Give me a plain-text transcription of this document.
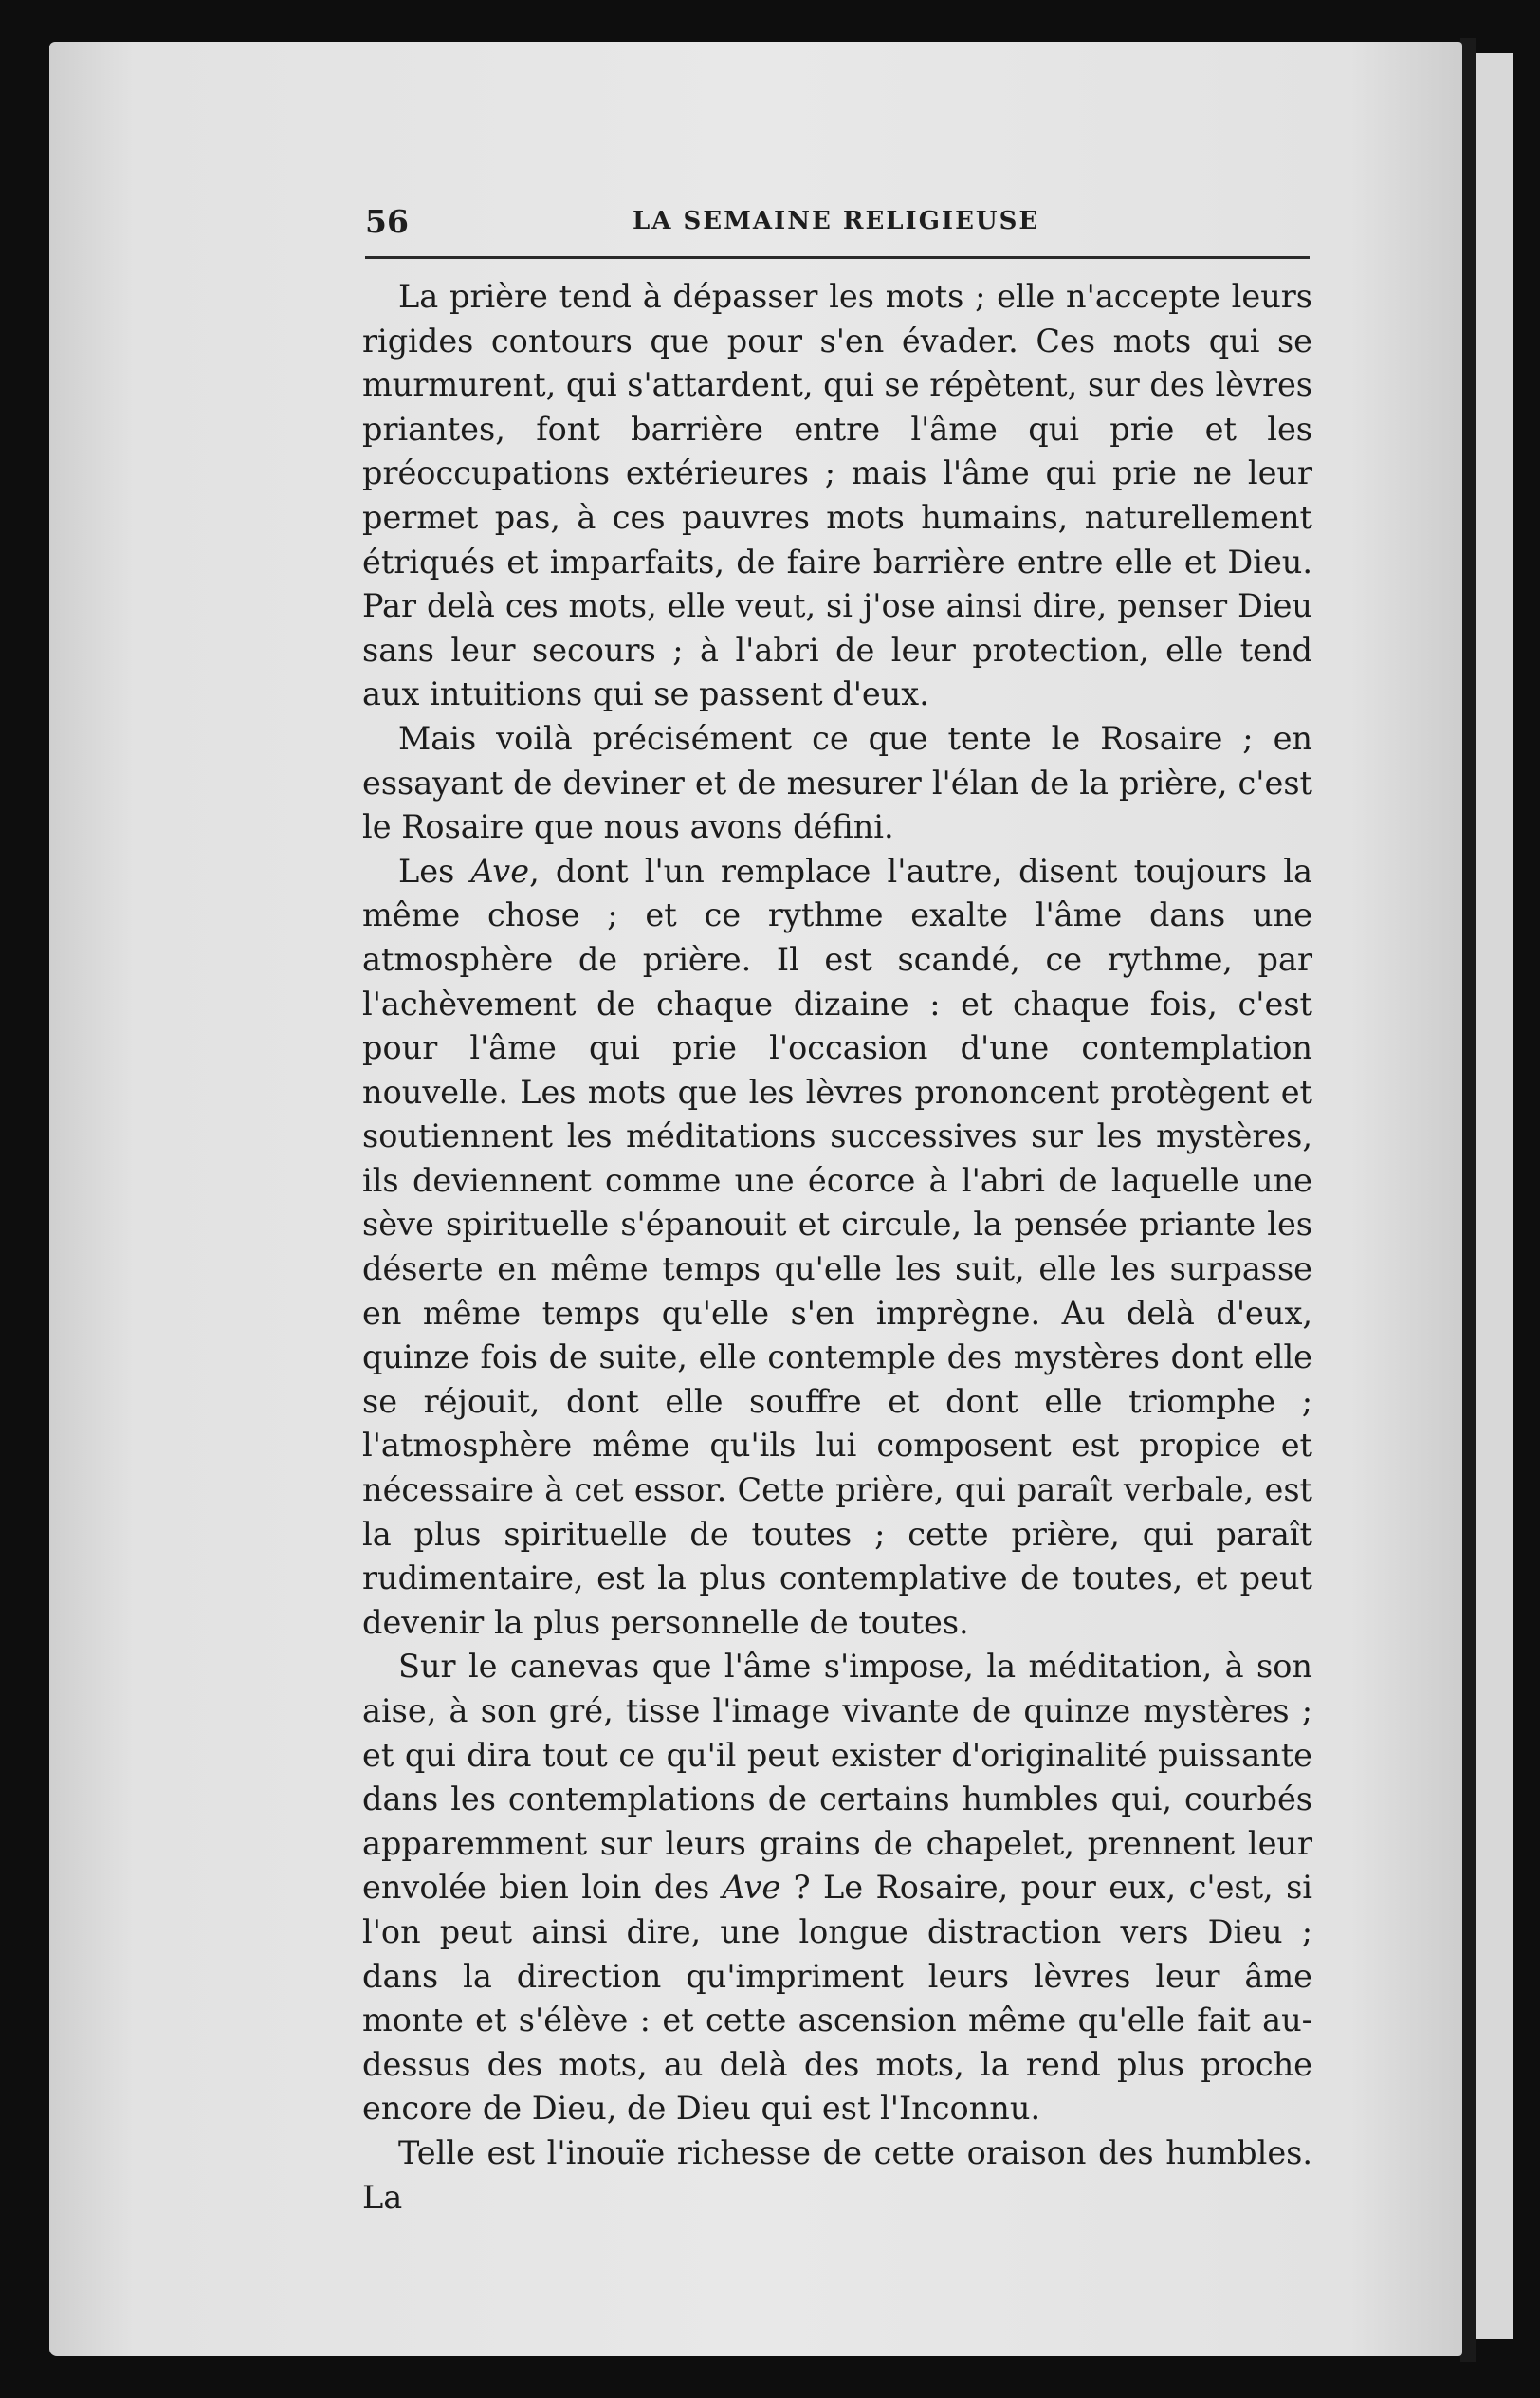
56	LA SEMAINE RELIGIEUSE

La prière tend à dépasser les mots ; elle n'accepte leurs rigides contours que pour s'en évader. Ces mots qui se murmurent, qui s'attardent, qui se répètent, sur des lèvres priantes, font barrière entre l'âme qui prie et les préoccupations extérieures ; mais l'âme qui prie ne leur permet pas, à ces pauvres mots humains, naturellement étriqués et imparfaits, de faire barrière entre elle et Dieu. Par delà ces mots, elle veut, si j'ose ainsi dire, penser Dieu sans leur secours ; à l'abri de leur protection, elle tend aux intuitions qui se passent d'eux.

Mais voilà précisément ce que tente le Rosaire ; en essayant de deviner et de mesurer l'élan de la prière, c'est le Rosaire que nous avons défini.

Les Ave, dont l'un remplace l'autre, disent toujours la même chose ; et ce rythme exalte l'âme dans une atmosphère de prière. Il est scandé, ce rythme, par l'achèvement de chaque dizaine : et chaque fois, c'est pour l'âme qui prie l'occasion d'une contemplation nouvelle. Les mots que les lèvres prononcent protègent et soutiennent les méditations successives sur les mystères, ils deviennent comme une écorce à l'abri de laquelle une sève spirituelle s'épanouit et circule, la pensée priante les déserte en même temps qu'elle les suit, elle les surpasse en même temps qu'elle s'en imprègne. Au delà d'eux, quinze fois de suite, elle contemple des mystères dont elle se réjouit, dont elle souffre et dont elle triomphe ; l'atmosphère même qu'ils lui composent est propice et nécessaire à cet essor. Cette prière, qui paraît verbale, est la plus spirituelle de toutes ; cette prière, qui paraît rudimentaire, est la plus contemplative de toutes, et peut devenir la plus personnelle de toutes.

Sur le canevas que l'âme s'impose, la méditation, à son aise, à son gré, tisse l'image vivante de quinze mystères ; et qui dira tout ce qu'il peut exister d'originalité puissante dans les contemplations de certains humbles qui, courbés apparemment sur leurs grains de chapelet, prennent leur envolée bien loin des Ave ? Le Rosaire, pour eux, c'est, si l'on peut ainsi dire, une longue distraction vers Dieu ; dans la direction qu'impriment leurs lèvres leur âme monte et s'élève : et cette ascension même qu'elle fait au-dessus des mots, au delà des mots, la rend plus proche encore de Dieu, de Dieu qui est l'Inconnu.

Telle est l'inouïe richesse de cette oraison des humbles. La
